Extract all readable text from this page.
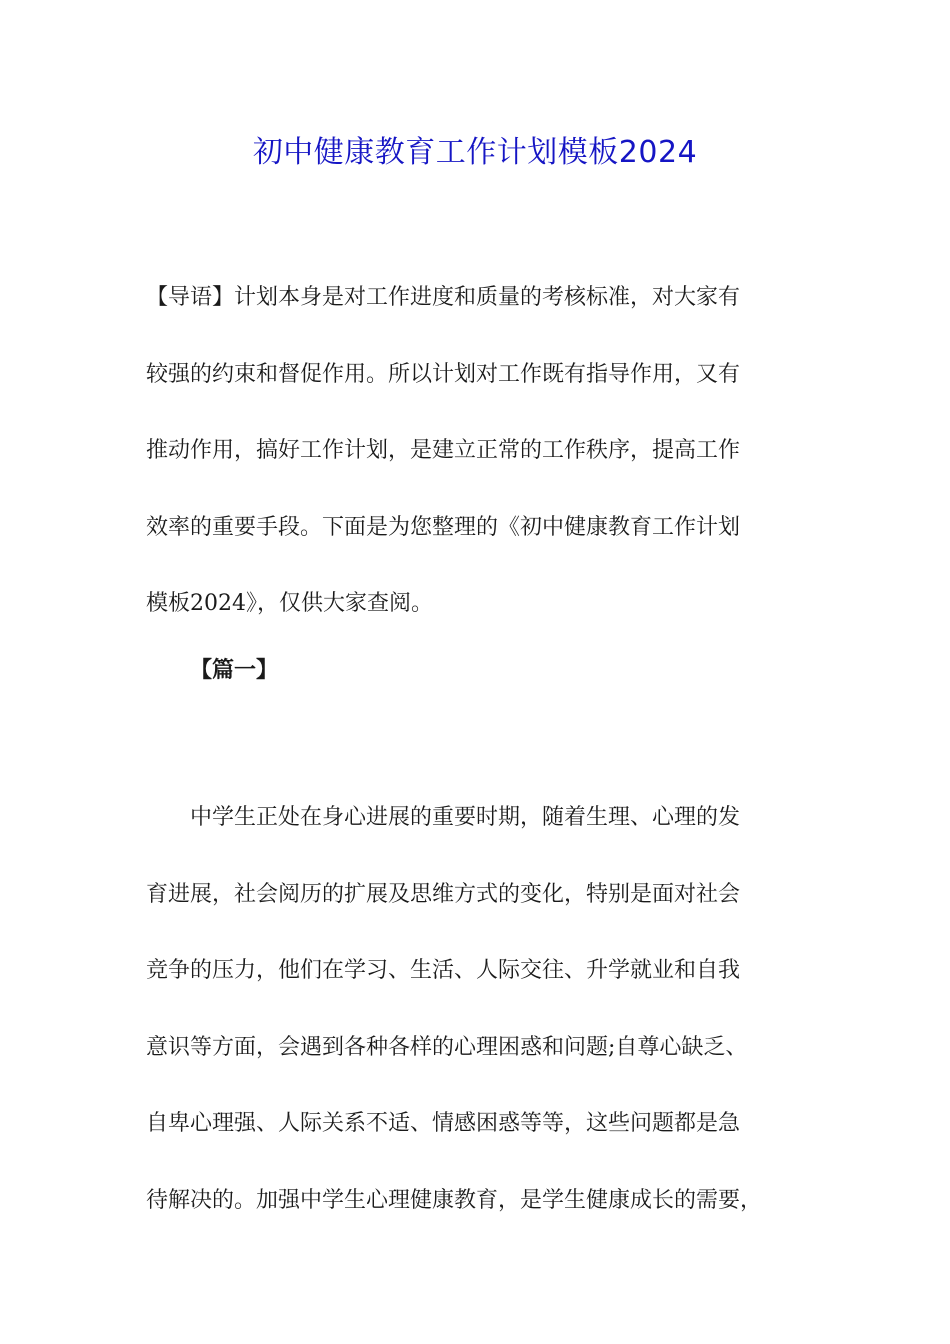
初中健康教育工作计划模板2024
【导语】计划本身是对工作进度和质量的考核标准，对大家有
较强的约束和督促作用。所以计划对工作既有指导作用，又有
推动作用，搞好工作计划，是建立正常的工作秩序，提高工作
效率的重要手段。下面是为您整理的《初中健康教育工作计划
模板2024》，仅供大家查阅。
【篇一】
中学生正处在身心进展的重要时期，随着生理、心理的发
育进展，社会阅历的扩展及思维方式的变化，特别是面对社会
竞争的压力，他们在学习、生活、人际交往、升学就业和自我
意识等方面，会遇到各种各样的心理困惑和问题;自尊心缺乏、
自卑心理强、人际关系不适、情感困惑等等，这些问题都是急
待解决的。加强中学生心理健康教育，是学生健康成长的需要，
